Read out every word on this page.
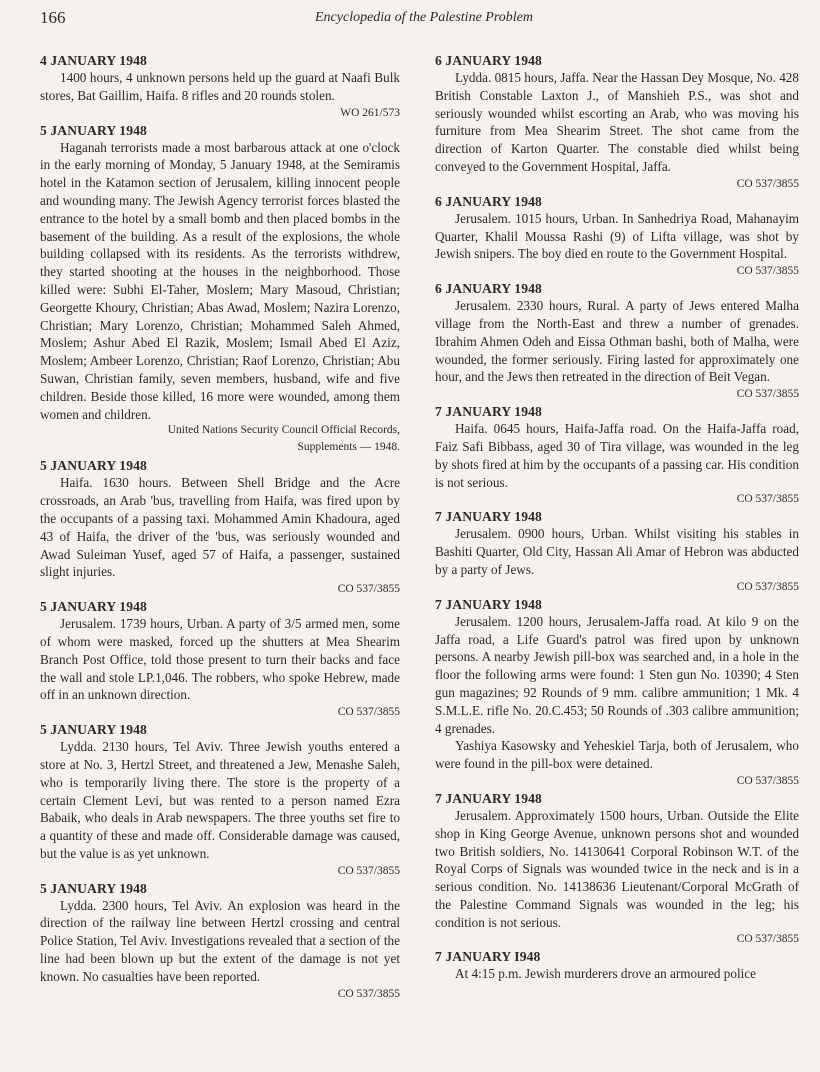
166	Encyclopedia of the Palestine Problem

4 JANUARY 1948

1400 hours, 4 unknown persons held up the guard at Naafi Bulk stores, Bat Gaillim, Haifa. 8 rifles and 20 rounds stolen.

WO 261/573

5 JANUARY 1948

Haganah terrorists made a most barbarous attack at one o'clock in the early morning of Monday, 5 January 1948, at the Semiramis hotel in the Katamon section of Jerusalem, killing innocent people and wounding many. The Jewish Agency terrorist forces blasted the entrance to the hotel by a small bomb and then placed bombs in the basement of the building. As a result of the explosions, the whole building collapsed with its residents. As the terrorists withdrew, they started shooting at the houses in the neighborhood. Those killed were: Subhi El-Taher, Moslem; Mary Masoud, Christian; Georgette Khoury, Christian; Abas Awad, Moslem; Nazira Lorenzo, Christian; Mary Lorenzo, Christian; Mohammed Saleh Ahmed, Moslem; Ashur Abed El Razik, Moslem; Ismail Abed El Aziz, Moslem; Ambeer Lorenzo, Christian; Raof Lorenzo, Christian; Abu Suwan, Christian family, seven members, husband, wife and five children. Beside those killed, 16 more were wounded, among them women and children.

United Nations Security Council Official Records,

Supplements — 1948.

5 JANUARY 1948

Haifa. 1630 hours. Between Shell Bridge and the Acre crossroads, an Arab 'bus, travelling from Haifa, was fired upon by the occupants of a passing taxi. Mohammed Amin Khadoura, aged 43 of Haifa, the driver of the 'bus, was seriously wounded and Awad Suleiman Yusef, aged 57 of Haifa, a passenger, sustained slight injuries.

CO 537/3855

5 JANUARY 1948

Jerusalem. 1739 hours, Urban. A party of 3/5 armed men, some of whom were masked, forced up the shutters at Mea Shearim Branch Post Office, told those present to turn their backs and face the wall and stole LP.1,046. The robbers, who spoke Hebrew, made off in an unknown direction.

CO 537/3855

5 JANUARY 1948

Lydda. 2130 hours, Tel Aviv. Three Jewish youths entered a store at No. 3, Hertzl Street, and threatened a Jew, Menashe Saleh, who is temporarily living there. The store is the property of a certain Clement Levi, but was rented to a person named Ezra Babaik, who deals in Arab newspapers. The three youths set fire to a quantity of these and made off. Considerable damage was caused, but the value is as yet unknown.

CO 537/3855

5 JANUARY 1948

Lydda. 2300 hours, Tel Aviv. An explosion was heard in the direction of the railway line between Hertzl crossing and central Police Station, Tel Aviv. Investigations revealed that a section of the line had been blown up but the extent of the damage is not yet known. No casualties have been reported.

CO 537/3855

6 JANUARY 1948

Lydda. 0815 hours, Jaffa. Near the Hassan Dey Mosque, No. 428 British Constable Laxton J., of Manshieh P.S., was shot and seriously wounded whilst escorting an Arab, who was moving his furniture from Mea Shearim Street. The shot came from the direction of Karton Quarter. The constable died whilst being conveyed to the Government Hospital, Jaffa.

CO 537/3855

6 JANUARY 1948

Jerusalem. 1015 hours, Urban. In Sanhedriya Road, Mahanayim Quarter, Khalil Moussa Rashi (9) of Lifta village, was shot by Jewish snipers. The boy died en route to the Government Hospital.

CO 537/3855

6 JANUARY 1948

Jerusalem. 2330 hours, Rural. A party of Jews entered Malha village from the North-East and threw a number of grenades. Ibrahim Ahmen Odeh and Eissa Othman bashi, both of Malha, were wounded, the former seriously. Firing lasted for approximately one hour, and the Jews then retreated in the direction of Beit Vegan.

CO 537/3855

7 JANUARY 1948

Haifa. 0645 hours, Haifa-Jaffa road. On the Haifa-Jaffa road, Faiz Safi Bibbass, aged 30 of Tira village, was wounded in the leg by shots fired at him by the occupants of a passing car. His condition is not serious.

CO 537/3855

7 JANUARY 1948

Jerusalem. 0900 hours, Urban. Whilst visiting his stables in Bashiti Quarter, Old City, Hassan Ali Amar of Hebron was abducted by a party of Jews.

CO 537/3855

7 JANUARY 1948

Jerusalem. 1200 hours, Jerusalem-Jaffa road. At kilo 9 on the Jaffa road, a Life Guard's patrol was fired upon by unknown persons. A nearby Jewish pill-box was searched and, in a hole in the floor the following arms were found: 1 Sten gun No. 10390; 4 Sten gun magazines; 92 Rounds of 9 mm. calibre ammunition; 1 Mk. 4 S.M.L.E. rifle No. 20.C.453; 50 Rounds of .303 calibre ammunition; 4 grenades.

Yashiya Kasowsky and Yeheskiel Tarja, both of Jerusalem, who were found in the pill-box were detained.

CO 537/3855

7 JANUARY 1948

Jerusalem. Approximately 1500 hours, Urban. Outside the Elite shop in King George Avenue, unknown persons shot and wounded two British soldiers, No. 14130641 Corporal Robinson W.T. of the Royal Corps of Signals was wounded twice in the neck and is in a serious condition. No. 14138636 Lieutenant/Corporal McGrath of the Palestine Command Signals was wounded in the leg; his condition is not serious.

CO 537/3855

7 JANUARY I948

At 4:15 p.m. Jewish murderers drove an armoured police
